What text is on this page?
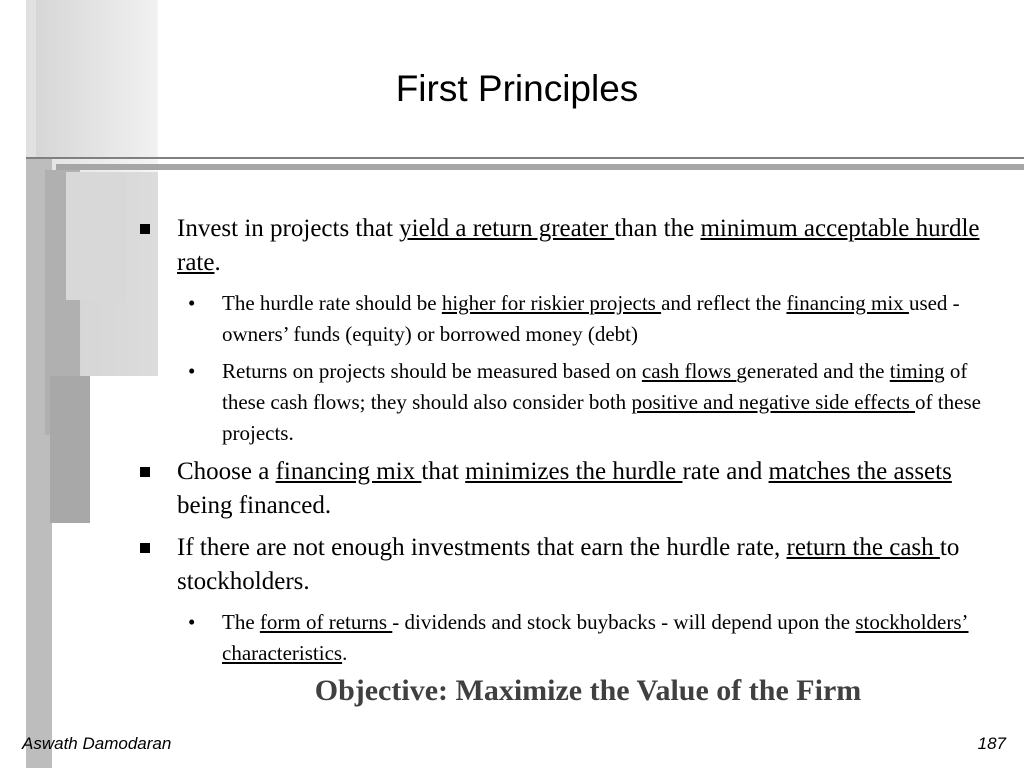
First Principles
Invest in projects that yield a return greater than the minimum acceptable hurdle rate.
• The hurdle rate should be higher for riskier projects and reflect the financing mix used - owners’ funds (equity) or borrowed money (debt)
• Returns on projects should be measured based on cash flows generated and the timing of these cash flows; they should also consider both positive and negative side effects of these projects.
Choose a financing mix that minimizes the hurdle rate and matches the assets being financed.
If there are not enough investments that earn the hurdle rate, return the cash to stockholders.
• The form of returns - dividends and stock buybacks - will depend upon the stockholders’ characteristics.
Objective: Maximize the Value of the Firm
Aswath Damodaran	187
